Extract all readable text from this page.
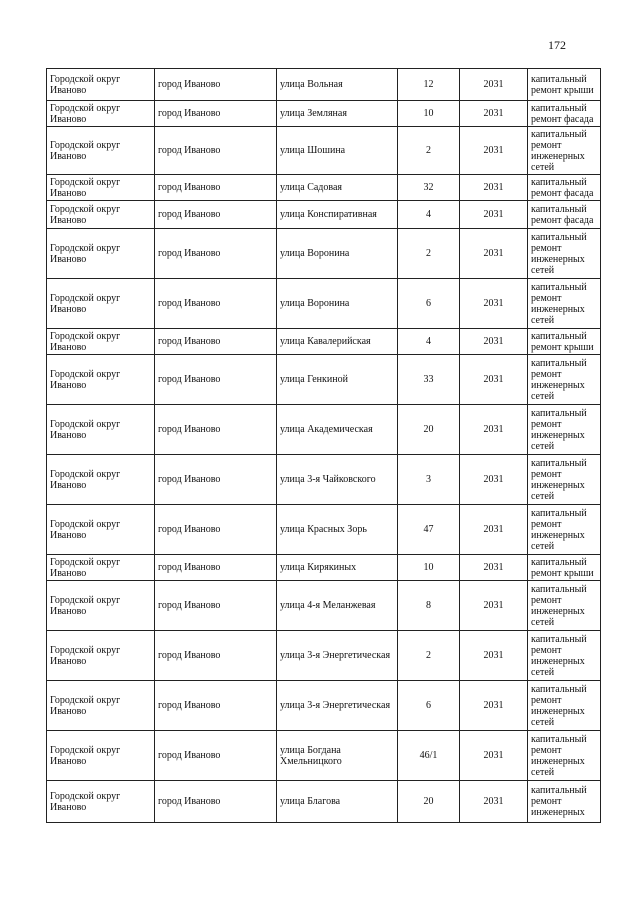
172
Городской округ Иваново	город Иваново	улица Вольная	12	2031	капитальный ремонт крыши
Городской округ Иваново	город Иваново	улица Земляная	10	2031	капитальный ремонт фасада
Городской округ Иваново	город Иваново	улица Шошина	2	2031	капитальный ремонт инженерных сетей
Городской округ Иваново	город Иваново	улица Садовая	32	2031	капитальный ремонт фасада
Городской округ Иваново	город Иваново	улица Конспиративная	4	2031	капитальный ремонт фасада
Городской округ Иваново	город Иваново	улица Воронина	2	2031	капитальный ремонт инженерных сетей
Городской округ Иваново	город Иваново	улица Воронина	6	2031	капитальный ремонт инженерных сетей
Городской округ Иваново	город Иваново	улица Кавалерийская	4	2031	капитальный ремонт крыши
Городской округ Иваново	город Иваново	улица Генкиной	33	2031	капитальный ремонт инженерных сетей
Городской округ Иваново	город Иваново	улица Академическая	20	2031	капитальный ремонт инженерных сетей
Городской округ Иваново	город Иваново	улица 3-я Чайковского	3	2031	капитальный ремонт инженерных сетей
Городской округ Иваново	город Иваново	улица Красных Зорь	47	2031	капитальный ремонт инженерных сетей
Городской округ Иваново	город Иваново	улица Кирякиных	10	2031	капитальный ремонт крыши
Городской округ Иваново	город Иваново	улица 4-я Меланжевая	8	2031	капитальный ремонт инженерных сетей
Городской округ Иваново	город Иваново	улица 3-я Энергетическая	2	2031	капитальный ремонт инженерных сетей
Городской округ Иваново	город Иваново	улица 3-я Энергетическая	6	2031	капитальный ремонт инженерных сетей
Городской округ Иваново	город Иваново	улица Богдана Хмельницкого	46/1	2031	капитальный ремонт инженерных сетей
Городской округ Иваново	город Иваново	улица Благова	20	2031	капитальный ремонт инженерных
